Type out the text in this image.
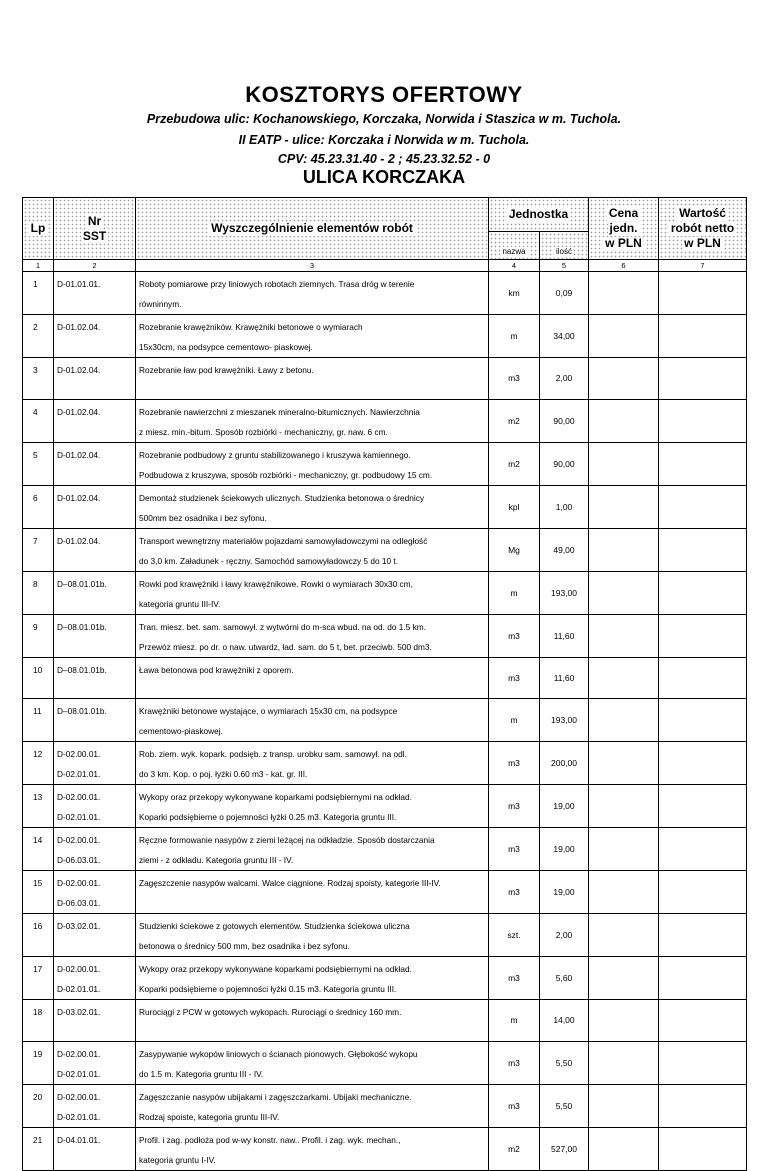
KOSZTORYS OFERTOWY
Przebudowa ulic: Kochanowskiego, Korczaka, Norwida i Staszica w m. Tuchola.
II EATP - ulice: Korczaka i Norwida w m. Tuchola.
CPV: 45.23.31.40 - 2 ; 45.23.32.52 - 0
ULICA KORCZAKA
Lp	Nr
SST	Wyszczególnienie elementów robót	Jednostka		Cena
jedn.
w PLN	Wartość
robót netto
w PLN
			nazwa	ilość		
1	2	3	4	5	6	7
1	D-01.01.01.	Roboty pomiarowe przy liniowych robotach ziemnych. Trasa dróg w terenie
równinnym.	km	0,09		
2	D-01.02.04.	Rozebranie krawężników. Krawężniki betonowe o wymiarach
15x30cm, na podsypce cementowo- piaskowej.	m	34,00		
3	D-01.02.04.	Rozebranie ław pod krawężniki. Ławy z betonu.	m3	2,00		
4	D-01.02.04.	Rozebranie nawierzchni z mieszanek mineralno-bitumicznych. Nawierzchnia
z miesz. min.-bitum. Sposób rozbiórki - mechaniczny, gr. naw. 6 cm.	m2	90,00		
5	D-01.02.04.	Rozebranie podbudowy z gruntu stabilizowanego i kruszywa kamiennego.
Podbudowa z kruszywa, sposób rozbiórki - mechaniczny, gr. podbudowy 15 cm.	m2	90,00		
6	D-01.02.04.	Demontaż studzienek ściekowych ulicznych. Studzienka betonowa o średnicy
500mm bez osadnika i bez syfonu.	kpl	1,00		
7	D-01.02.04.	Transport wewnętrzny materiałów pojazdami samowyładowczymi na odległość
do 3,0 km. Załadunek - ręczny. Samochód samowyładowczy 5 do 10 t.	Mg	49,00		
8	D–08.01.01b.	Rowki pod krawężniki i ławy krawężnikowe. Rowki o wymiarach 30x30 cm,
kategoria gruntu III-IV.	m	193,00		
9	D–08.01.01b.	Tran. miesz. bet. sam. samowył. z wytwórni do m-sca wbud. na od. do 1.5 km.
Przewóz miesz. po dr. o naw. utwardz, ład. sam. do 5 t, bet. przeciwb. 500 dm3.	m3	11,60		
10	D–08.01.01b.	Ława betonowa pod krawężniki z oporem.	m3	11,60		
11	D–08.01.01b.	Krawężniki betonowe wystające, o wymiarach 15x30 cm, na podsypce
cementowo-piaskowej.	m	193,00		
12	D-02.00.01.
D-02.01.01.	Rob. ziem. wyk. kopark. podsięb. z transp. urobku sam. samowył. na odl.
do 3 km. Kop. o poj. łyżki 0.60 m3 - kat. gr. III.	m3	200,00		
13	D-02.00.01.
D-02.01.01.	Wykopy oraz przekopy wykonywane koparkami podsiębiernymi na odkład.
Koparki podsiębierne o pojemności łyżki 0.25 m3. Kategoria gruntu III.	m3	19,00		
14	D-02.00.01.
D-06.03.01.	Ręczne formowanie nasypów z ziemi leżącej na odkładzie. Sposób dostarczania
ziemi - z odkładu. Kategoria gruntu III - IV.	m3	19,00		
15	D-02.00.01.
D-06.03.01.	Zagęszczenie nasypów walcami. Walce ciągnione. Rodzaj spoisty, kategorie III-IV.	m3	19,00		
16	D-03.02.01.	Studzienki ściekowe z gotowych elementów. Studzienka ściekowa uliczna
betonowa o średnicy 500 mm, bez osadnika i bez syfonu.	szt.	2,00		
17	D-02.00.01.
D-02.01.01.	Wykopy oraz przekopy wykonywane koparkami podsiębiernymi na odkład.
Koparki podsiębierne o pojemności łyżki 0.15 m3. Kategoria gruntu III.	m3	5,60		
18	D-03.02.01.	Rurociągi z PCW w gotowych wykopach. Rurociągi o średnicy 160 mm.	m	14,00		
19	D-02.00.01.
D-02.01.01.	Zasypywanie wykopów liniowych o ścianach pionowych. Głębokość wykopu
do 1.5 m. Kategoria gruntu III - IV.	m3	5,50		
20	D-02.00.01.
D-02.01.01.	Zagęszczanie nasypów ubijakami i zagęszczarkami. Ubijaki mechaniczne.
Rodzaj spoiste, kategoria gruntu III-IV.	m3	5,50		
21	D-04.01.01.	Profil. i zag. podłoża pod w-wy konstr. naw.. Profil. i zag. wyk. mechan.,
kategoria gruntu I-IV.	m2	527,00		
